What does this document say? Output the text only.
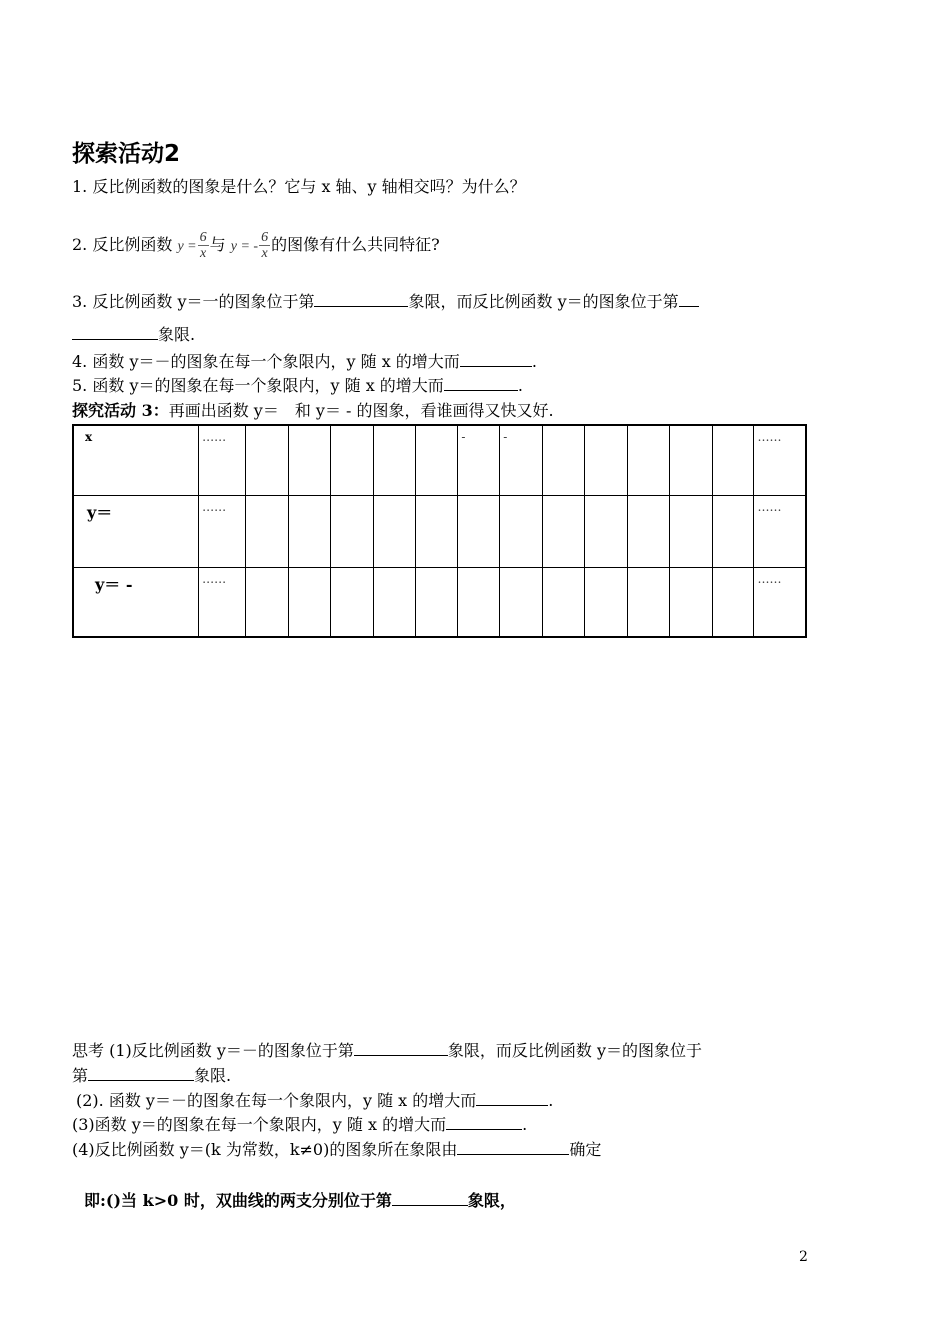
探索活动2
1. 反比例函数的图象是什么？它与 x 轴、y 轴相交吗？为什么？
2. 反比例函数 $y = \frac{6}{x}$ 与 y = - $\frac{6}{x}$ 的图像有什么共同特征?
3. 反比例函数 y＝一的图象位于第	象限，而反比例函数 y＝的图象位于第
象限.
4. 函数 y＝－的图象在每一个象限内，y 随 x 的增大而	.
5. 函数 y＝的图象在每一个象限内，y 随 x 的增大而	.
探究活动 3：再画出函数 y＝　和 y＝ - 的图象，看谁画得又快又好.
x	……						-	-						……
y＝	……													……
y＝ -	……													……
思考 (1)反比例函数 y＝－的图象位于第	象限，而反比例函数 y＝的图象位于
第	象限.
(2). 函数 y＝－的图象在每一个象限内，y 随 x 的增大而	.
(3)函数 y＝的图象在每一个象限内，y 随 x 的增大而	.
(4)反比例函数 y＝(k 为常数，k≠0)的图象所在象限由	确定
即:()当 k>0 时，双曲线的两支分别位于第	象限，
2
